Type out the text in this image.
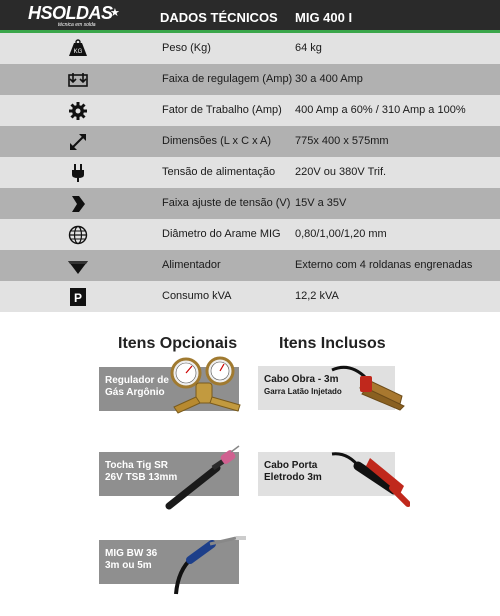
HSOLDAS
★
técnica em solda	DADOS TÉCNICOS MIG 400 I
KG	Peso (Kg)	64 kg
Faixa de regulagem (Amp) 30 a 400 Amp
Fator de Trabalho (Amp) 400 Amp a 60% / 310 Amp a 100%
Dimensões (L x C x A) 775x 400 x 575mm
Tensão de alimentação 220V ou 380V Trif.
Faixa ajuste de tensão (V) 15V a 35V
Diâmetro do Arame MIG 0,80/1,00/1,20 mm
Alimentador	Externo com 4 roldanas engrenadas
P	Consumo kVA	12,2 kVA
Itens Opcionais	Itens Inclusos
Regulador de
Gás Argônio
Tocha Tig SR
26V TSB 13mm
MIG BW 36
3m ou 5m
Cabo Obra - 3m
Garra Latão Injetado
Cabo Porta
Eletrodo 3m
